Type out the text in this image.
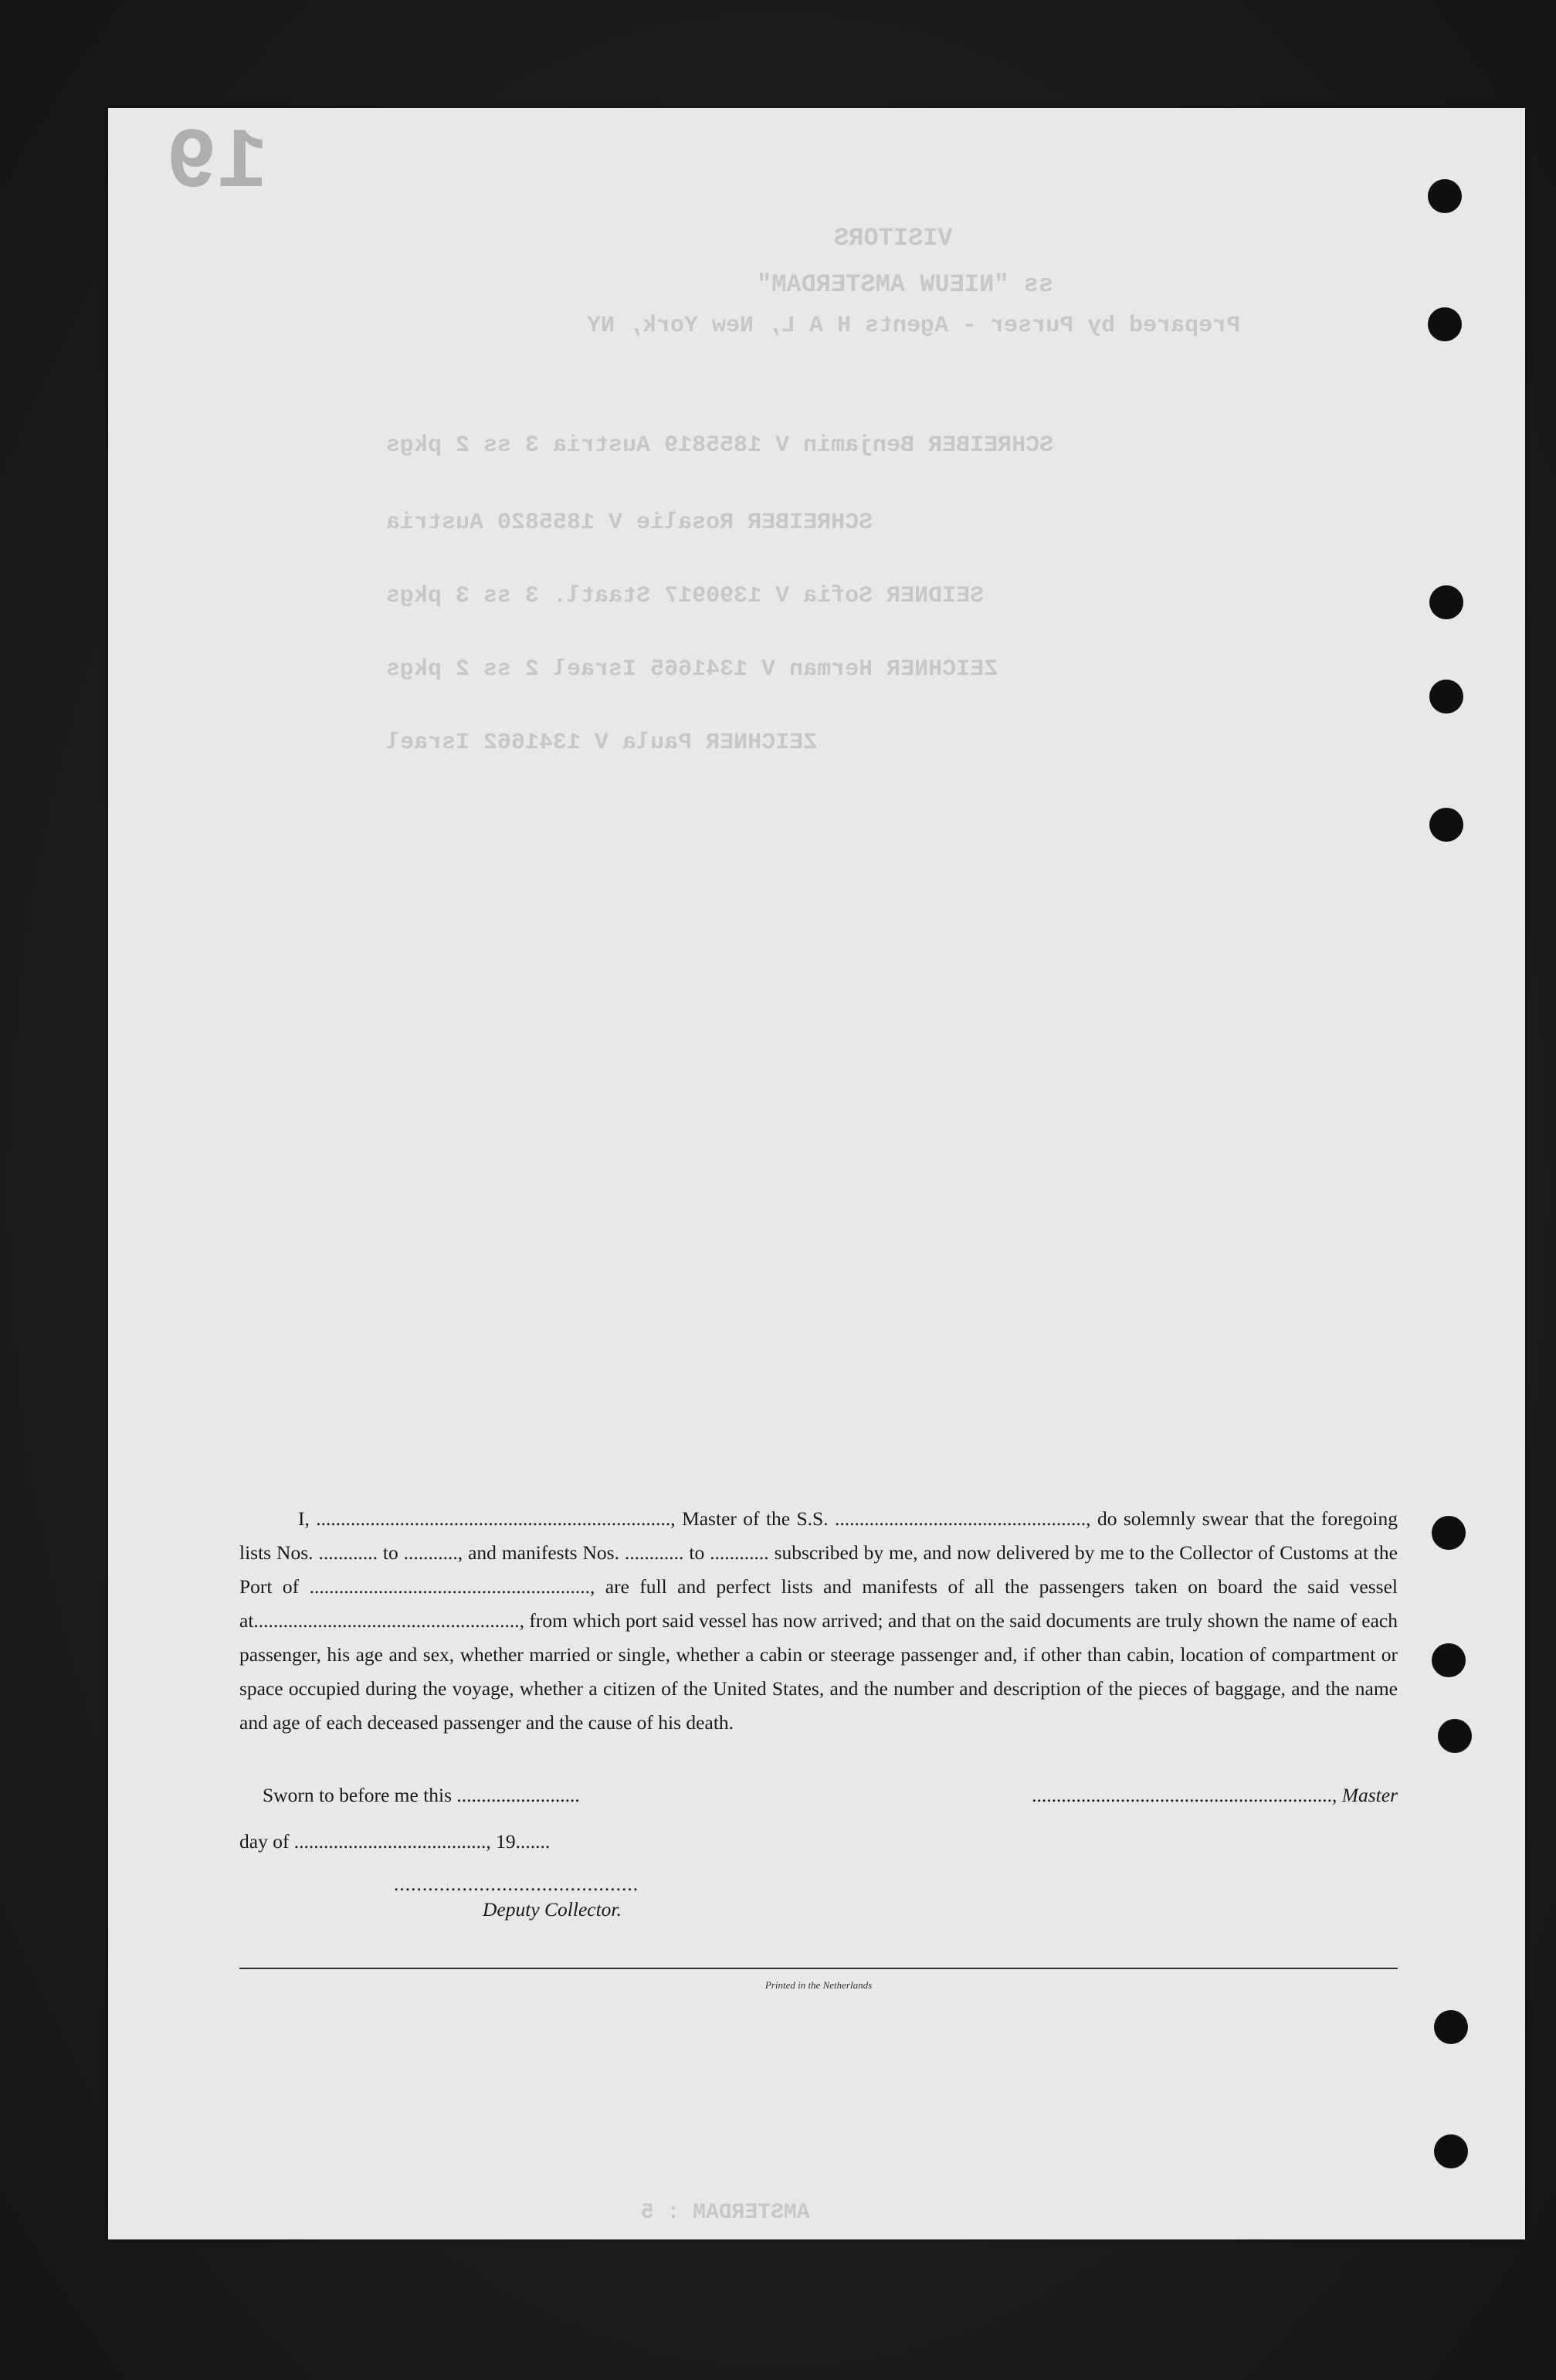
19
VISITORS
ss "NIEUW AMSTERDAM"
Prepared by Purser - Agents H A L, New York, NY
SCHREIBER Benjamin V 1855819 Austria 3 ss 2 pkgs
SCHREIBER Rosalie V 1855820 Austria
SEIDNER Sofia V 1390917 Staatl. 3 ss 3 pkgs
ZEICHNER Herman V 1341665 Israel 2 ss 2 pkgs
ZEICHNER Paula V 1341662 Israel
AMSTERDAM : 5

I, ........................................................................, Master of the S.S. ..................................................., do solemnly swear that the foregoing lists Nos. ............ to ..........., and manifests Nos. ............ to ............ subscribed by me, and now delivered by me to the Collector of Customs at the Port of ........................................................., are full and perfect lists and manifests of all the passengers taken on board the said vessel at......................................................, from which port said vessel has now arrived; and that on the said documents are truly shown the name of each passenger, his age and sex, whether married or single, whether a cabin or steerage passenger and, if other than cabin, location of compartment or space occupied during the voyage, whether a citizen of the United States, and the number and description of the pieces of baggage, and the name and age of each deceased passenger and the cause of his death.

Sworn to before me this .........................	............................................................., Master
day of ......................................., 19.......
...........................................
Deputy Collector.
Printed in the Netherlands
